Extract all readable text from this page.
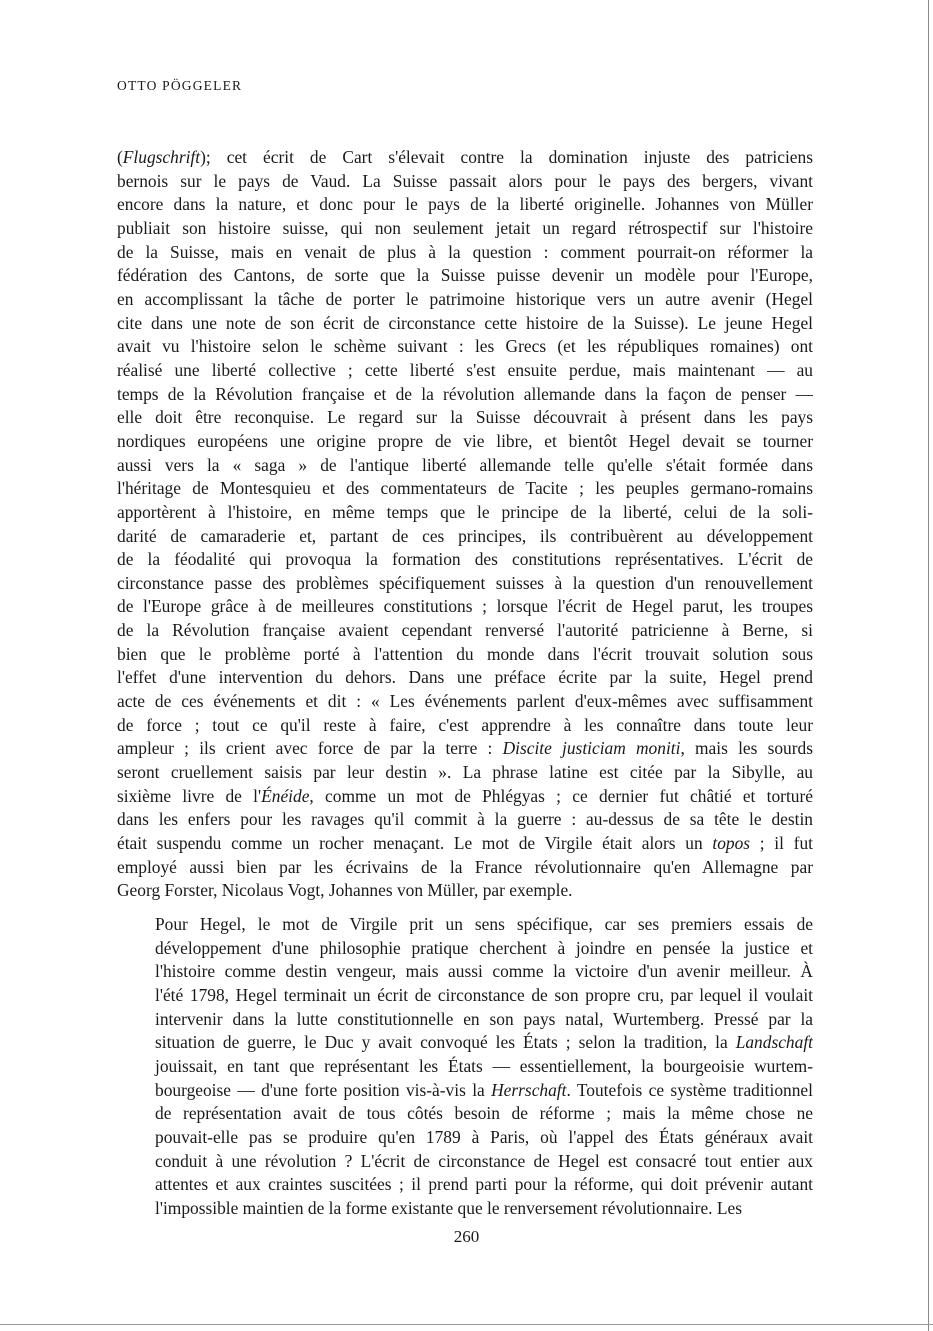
OTTO PÖGGELER

(Flugschrift); cet écrit de Cart s'élevait contre la domination injuste des patriciens
bernois sur le pays de Vaud. La Suisse passait alors pour le pays des bergers, vivant
encore dans la nature, et donc pour le pays de la liberté originelle. Johannes von Müller
publiait son histoire suisse, qui non seulement jetait un regard rétrospectif sur l'histoire
de la Suisse, mais en venait de plus à la question : comment pourrait-on réformer la
fédération des Cantons, de sorte que la Suisse puisse devenir un modèle pour l'Europe,
en accomplissant la tâche de porter le patrimoine historique vers un autre avenir (Hegel
cite dans une note de son écrit de circonstance cette histoire de la Suisse). Le jeune Hegel
avait vu l'histoire selon le schème suivant : les Grecs (et les républiques romaines) ont
réalisé une liberté collective ; cette liberté s'est ensuite perdue, mais maintenant — au
temps de la Révolution française et de la révolution allemande dans la façon de penser —
elle doit être reconquise. Le regard sur la Suisse découvrait à présent dans les pays
nordiques européens une origine propre de vie libre, et bientôt Hegel devait se tourner
aussi vers la « saga » de l'antique liberté allemande telle qu'elle s'était formée dans
l'héritage de Montesquieu et des commentateurs de Tacite ; les peuples germano-romains
apportèrent à l'histoire, en même temps que le principe de la liberté, celui de la soli-
darité de camaraderie et, partant de ces principes, ils contribuèrent au développement
de la féodalité qui provoqua la formation des constitutions représentatives. L'écrit de
circonstance passe des problèmes spécifiquement suisses à la question d'un renouvellement
de l'Europe grâce à de meilleures constitutions ; lorsque l'écrit de Hegel parut, les troupes
de la Révolution française avaient cependant renversé l'autorité patricienne à Berne, si
bien que le problème porté à l'attention du monde dans l'écrit trouvait solution sous
l'effet d'une intervention du dehors. Dans une préface écrite par la suite, Hegel prend
acte de ces événements et dit : « Les événements parlent d'eux-mêmes avec suffisamment
de force ; tout ce qu'il reste à faire, c'est apprendre à les connaître dans toute leur
ampleur ; ils crient avec force de par la terre : Discite justiciam moniti, mais les sourds
seront cruellement saisis par leur destin ». La phrase latine est citée par la Sibylle, au
sixième livre de l'Énéide, comme un mot de Phlégyas ; ce dernier fut châtié et torturé
dans les enfers pour les ravages qu'il commit à la guerre : au-dessus de sa tête le destin
était suspendu comme un rocher menaçant. Le mot de Virgile était alors un topos ; il fut
employé aussi bien par les écrivains de la France révolutionnaire qu'en Allemagne par
Georg Forster, Nicolaus Vogt, Johannes von Müller, par exemple.

Pour Hegel, le mot de Virgile prit un sens spécifique, car ses premiers essais de
développement d'une philosophie pratique cherchent à joindre en pensée la justice et
l'histoire comme destin vengeur, mais aussi comme la victoire d'un avenir meilleur. À
l'été 1798, Hegel terminait un écrit de circonstance de son propre cru, par lequel il voulait
intervenir dans la lutte constitutionnelle en son pays natal, Wurtemberg. Pressé par la
situation de guerre, le Duc y avait convoqué les États ; selon la tradition, la Landschaft
jouissait, en tant que représentant les États — essentiellement, la bourgeoisie wurtem-
bourgeoise — d'une forte position vis-à-vis la Herrschaft. Toutefois ce système traditionnel
de représentation avait de tous côtés besoin de réforme ; mais la même chose ne
pouvait-elle pas se produire qu'en 1789 à Paris, où l'appel des États généraux avait
conduit à une révolution ? L'écrit de circonstance de Hegel est consacré tout entier aux
attentes et aux craintes suscitées ; il prend parti pour la réforme, qui doit prévenir autant
l'impossible maintien de la forme existante que le renversement révolutionnaire. Les

260
